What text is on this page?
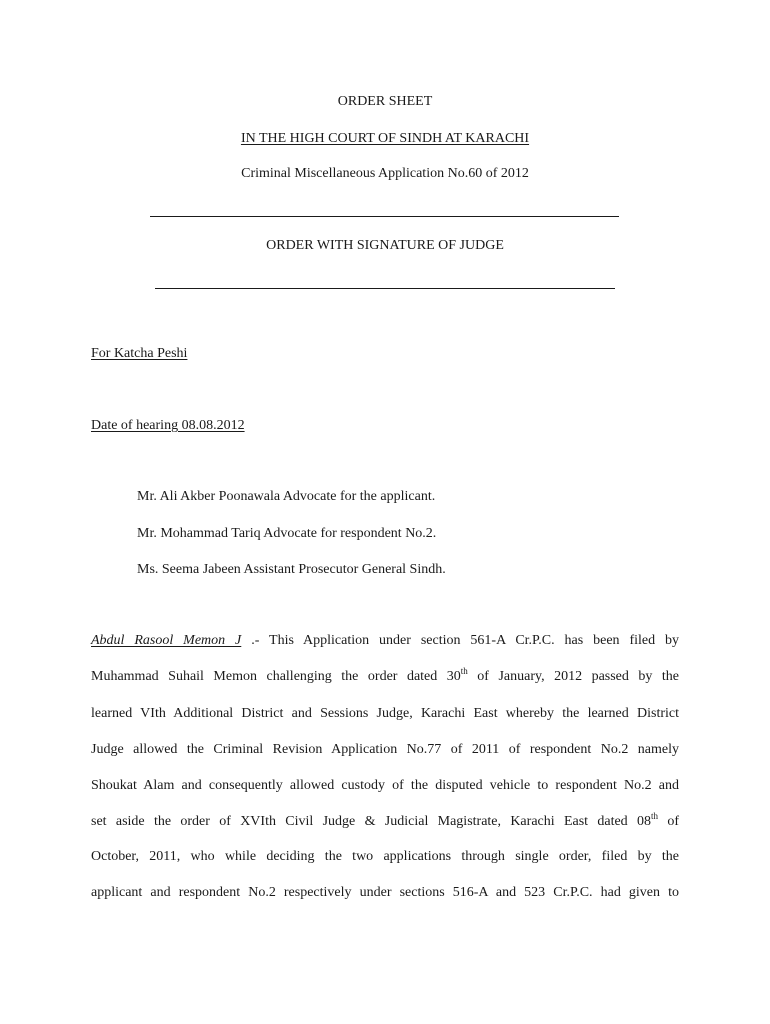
ORDER SHEET
IN THE HIGH COURT OF SINDH AT KARACHI
Criminal Miscellaneous Application No.60 of 2012
ORDER WITH SIGNATURE OF JUDGE
For Katcha Peshi
Date of hearing 08.08.2012
Mr. Ali Akber Poonawala Advocate for the applicant.
Mr. Mohammad Tariq Advocate for respondent No.2.
Ms. Seema Jabeen Assistant Prosecutor General Sindh.
Abdul Rasool Memon J .- This Application under section 561-A Cr.P.C. has been filed by
Muhammad Suhail Memon challenging the order dated 30th of January, 2012 passed by the
learned VIth Additional District and Sessions Judge, Karachi East whereby the learned District
Judge allowed the Criminal Revision Application No.77 of 2011 of respondent No.2 namely
Shoukat Alam and consequently allowed custody of the disputed vehicle to respondent No.2 and
set aside the order of XVIth Civil Judge & Judicial Magistrate, Karachi East dated 08th of
October, 2011, who while deciding the two applications through single order, filed by the
applicant and respondent No.2 respectively under sections 516-A and 523 Cr.P.C. had given to
